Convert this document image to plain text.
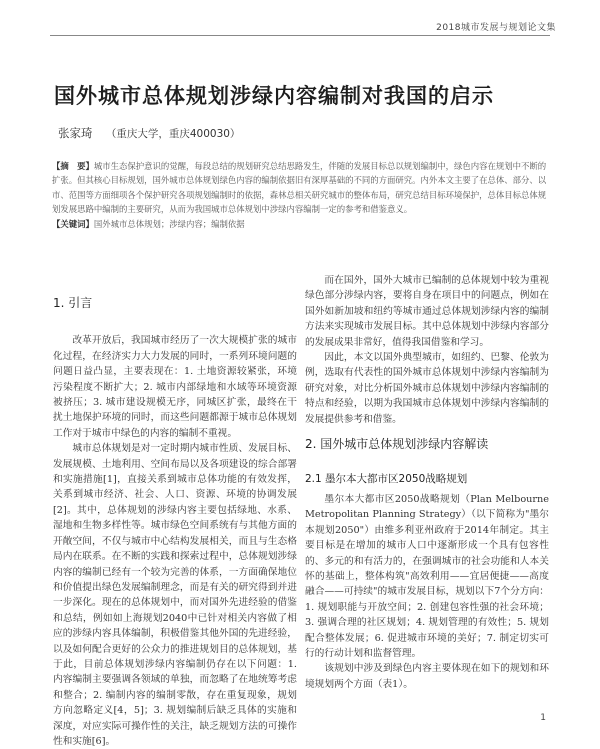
2018城市发展与规划论文集
国外城市总体规划涉绿内容编制对我国的启示
张家琦 （重庆大学，重庆400030）
【摘　要】城市生态保护意识的觉醒，每段总结的规划研究总结思路发生，伴随的发展目标总以规划编制中，绿色内容在规划中不断的扩张。但其核心目标规划，国外城市总体规划绿色内容的编制依据旧有深厚基础的不同的方面研究。内外本文主要了在总体、部分、以市、范围等方面细项各个保护研究各项规划编制时的依据，森林总相关研究城市的整体布局，研究总结目标环境保护，总体目标总体规划发展思路中编制的主要研究，从而为我国城市总体规划中涉绿内容编制一定的参考和借鉴意义。
【关键词】国外城市总体规划；涉绿内容；编制依据
1. 引言

改革开放后，我国城市经历了一次大规模扩张的城市化过程，在经济实力大力发展的同时，一系列环境问题的问题日益凸显，主要表现在：1. 土地资源较紧张，环境污染程度不断扩大；2. 城市内部绿地和水域等环境资源被挤压；3. 城市建设规模无序，同城区扩张，最终在干扰土地保护环境的同时，而这些问题都源于城市总体规划工作对于城市中绿色的内容的编制不重视。

城市总体规划是对一定时期内城市性质、发展目标、发展规模、土地利用、空间布局以及各项建设的综合部署和实施措施[1]，直接关系到城市总体功能的有效发挥，关系到城市经济、社会、人口、资源、环境的协调发展[2]。其中，总体规划的涉绿内容主要包括绿地、水系、湿地和生物多样性等。城市绿色空间系统有与其他方面的开敞空间，不仅与城市中心结构发展相关，而且与生态格局内在联系。在不断的实践和探索过程中，总体规划涉绿内容的编制已经有一个较为完善的体系，一方面确保地位和价值提出绿色发展编制理念，而是有关的研究得到并进一步深化。现在的总体规划中，而对国外先进经验的借鉴和总结，例如如上海规划2040中已针对相关内容做了相应的涉绿内容具体编制，积极借鉴其他外国的先进经验，以及如何配合更好的公众力的推进规划目的总体规划，基于此，目前总体规划涉绿内容编制仍存在以下问题：1. 内容编制主要强调各领域的单独，而忽略了在地统筹考虑和整合；2. 编制内容的编制零散，存在重复现象，规划方向忽略定义[4，5]；3. 规划编制后缺乏具体的实施和深度，对应实际可操作性的关注，缺乏规划方法的可操作性和实施[6]。

而在国外，国外大城市已编制的总体规划中较为重视绿色部分涉绿内容，要将自身在项目中的问题点，例如在国外如新加坡和纽约等城市通过总体规划涉绿内容的编制方法来实现城市发展目标。其中总体规划中涉绿内容部分的发展成果非常好，值得我国借鉴和学习。

因此，本文以国外典型城市，如纽约、巴黎、伦敦为例，选取有代表性的国外城市总体规划中涉绿内容编制为研究对象，对比分析国外城市总体规划中涉绿内容编制的特点和经验，以期为我国城市总体规划中涉绿内容编制的发展提供参考和借鉴。

2. 国外城市总体规划涉绿内容解读
2.1 墨尔本大都市区2050战略规划

墨尔本大都市区2050战略规划（Plan Melbourne Metropolitan Planning Strategy）（以下简称为"墨尔本规划2050"）由维多利亚州政府于2014年制定。其主要目标是在增加的城市人口中逐渐形成一个具有包容性的、多元的和有活力的，在强调城市的社会功能和人本关怀的基础上，整体构筑"高效利用——宜居便捷——高度融合——可持续"的城市发展目标，规划以下7个分方向：1. 规划职能与开放空间；2. 创建包容性强的社会环境；3. 强调合理的社区规划；4. 规划管理的有效性；5. 规划配合整体发展；6. 促进城市环境的美好；7. 制定切实可行的行动计划和监督管理。

该规划中涉及到绿色内容主要体现在如下的规划和环境规划两个方面（表1）。

1
